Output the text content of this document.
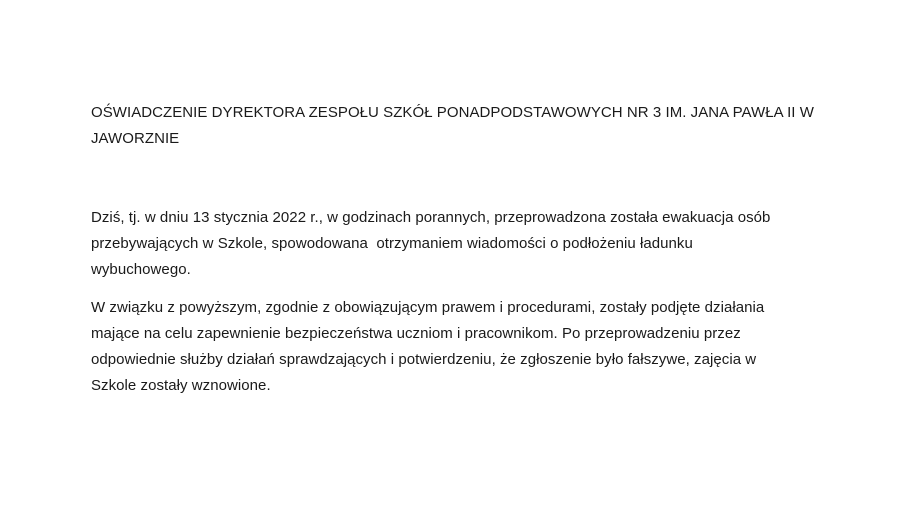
OŚWIADCZENIE DYREKTORA ZESPOŁU SZKÓŁ PONADPODSTAWOWYCH NR 3 IM. JANA PAWŁA II W
JAWORZNIE

Dziś, tj. w dniu 13 stycznia 2022 r., w godzinach porannych, przeprowadzona została ewakuacja osób
przebywających w Szkole, spowodowana  otrzymaniem wiadomości o podłożeniu ładunku
wybuchowego.

W związku z powyższym, zgodnie z obowiązującym prawem i procedurami, zostały podjęte działania
mające na celu zapewnienie bezpieczeństwa uczniom i pracownikom. Po przeprowadzeniu przez
odpowiednie służby działań sprawdzających i potwierdzeniu, że zgłoszenie było fałszywe, zajęcia w
Szkole zostały wznowione.
